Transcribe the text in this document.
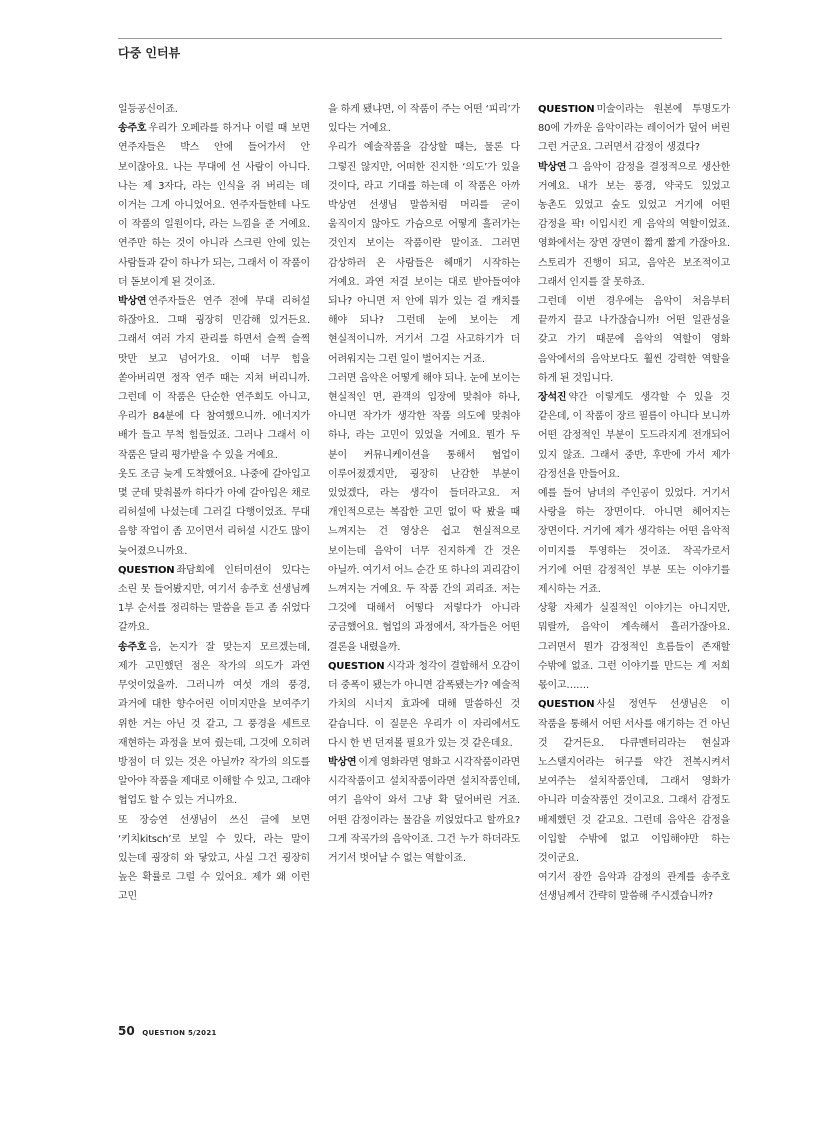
다중 인터뷰

일등공신이죠.

송주호 우리가 오페라를 하거나 이럴 때 보면 연주자들은 박스 안에 들어가서 안 보이잖아요. 나는 무대에 선 사람이 아니다. 나는 제 3자다, 라는 인식을 쥐 버리는 데 이거는 그게 아니었어요. 연주자들한테 나도 이 작품의 일원이다, 라는 느낌을 준 거예요. 연주만 하는 것이 아니라 스크린 안에 있는 사람들과 같이 하나가 되는, 그래서 이 작품이 더 돋보이게 된 것이죠.

박상연 연주자들은 연주 전에 무대 리허설 하잖아요. 그때 굉장히 민감해 있거든요. 그래서 여러 가지 관리를 하면서 슬쩍 슬쩍 맛만 보고 넘어가요. 이때 너무 힘을 쏟아버리면 정작 연주 때는 지쳐 버리니까. 그런데 이 작품은 단순한 연주회도 아니고, 우리가 84분에 다 참여했으니까. 에너지가 배가 들고 무척 힘들었죠. 그러나 그래서 이 작품은 달리 평가받을 수 있을 거예요.

옷도 조금 늦게 도착했어요. 나중에 갈아입고 몇 군데 맞춰볼까 하다가 아예 갈아입은 채로 리허설에 나섰는데 그러길 다행이었죠. 무대 음향 작업이 좀 꼬이면서 리허설 시간도 많이 늦어졌으니까요.

QUESTION 좌담회에 인터미션이 있다는 소린 못 들어봤지만, 여기서 송주호 선생님께 1부 순서를 정리하는 말씀을 듣고 좀 쉬었다 갈까요.

송주호 음, 논지가 잘 맞는지 모르겠는데, 제가 고민했던 점은 작가의 의도가 과연 무엇이었을까. 그러니까 여섯 개의 풍경, 과거에 대한 향수어린 이미지만을 보여주기 위한 거는 아닌 것 같고, 그 풍경을 세트로 재현하는 과정을 보여 줬는데, 그것에 오히려 방점이 더 있는 것은 아닐까? 작가의 의도를 알아야 작품을 제대로 이해할 수 있고, 그래야 협업도 할 수 있는 거니까요.

또 장승연 선생님이 쓰신 글에 보면 ‘키치kitsch’로 보일 수 있다, 라는 말이 있는데 굉장히 와 닿았고, 사실 그건 굉장히 높은 확률로 그럴 수 있어요. 제가 왜 이런 고민

을 하게 됐냐면, 이 작품이 주는 어떤 ‘피리’가 있다는 거예요.

우리가 예술작품을 감상할 때는, 물론 다 그렇진 않지만, 어떠한 진지한 ‘의도’가 있을 것이다, 라고 기대를 하는데 이 작품은 아까 박상연 선생님 말씀처럼 머리를 굳이 움직이지 않아도 가슴으로 어떻게 흘러가는 것인지 보이는 작품이란 말이죠. 그러면 감상하러 온 사람들은 헤매기 시작하는 거예요. 과연 저걸 보이는 대로 받아들여야 되나? 아니면 저 안에 뭐가 있는 걸 캐치를 해야 되나? 그런데 눈에 보이는 게 현실적이니까. 거기서 그걸 사고하기가 더 어려워지는 그런 일이 벌어지는 거죠.

그러면 음악은 어떻게 해야 되나. 눈에 보이는 현실적인 면, 관객의 입장에 맞춰야 하나, 아니면 작가가 생각한 작품 의도에 맞춰야 하나, 라는 고민이 있었을 거예요. 뭔가 두 분이 커뮤니케이션을 통해서 협업이 이루어졌겠지만, 굉장히 난감한 부분이 있었겠다, 라는 생각이 들더라고요. 저 개인적으로는 복잡한 고민 없이 딱 봤을 때 느껴지는 건 영상은 쉽고 현실적으로 보이는데 음악이 너무 진지하게 간 것은 아닐까. 여기서 어느 순간 또 하나의 괴리감이 느껴지는 거예요. 두 작품 간의 괴리죠. 저는 그것에 대해서 어떻다 저렇다가 아니라 궁금했어요. 협업의 과정에서, 작가들은 어떤 결론을 내렸을까.

QUESTION 시각과 청각이 결합해서 오감이 더 중폭이 됐는가 아니면 감폭됐는가? 예술적 가치의 시너지 효과에 대해 말씀하신 것 같습니다. 이 질문은 우리가 이 자리에서도 다시 한 번 던져볼 필요가 있는 것 같은데요.

박상연 이게 영화라면 영화고 시각작품이라면 시각작품이고 설치작품이라면 설치작품인데, 여기 음악이 와서 그냥 확 덮어버린 거죠. 어떤 감정이라는 물감을 끼얹었다고 할까요? 그게 작곡가의 음악이죠. 그건 누가 하더라도 거기서 벗어날 수 없는 역할이죠.

QUESTION 미술이라는 원본에 투명도가 80에 가까운 음악이라는 레이어가 덮어 버린 그런 거군요. 그러면서 감정이 생겼다?

박상연 그 음악이 감정을 결정적으로 생산한 거예요. 내가 보는 풍경, 약국도 있었고 농촌도 있었고 숲도 있었고 거기에 어떤 감정을 팍! 이입시킨 게 음악의 역할이었죠. 영화에서는 장면 장면이 짧게 짧게 가잖아요. 스토리가 진행이 되고, 음악은 보조적이고 그래서 인지를 잘 못하죠.

그런데 이번 경우에는 음악이 처음부터 끝까지 끌고 나가잖습니까! 어떤 일관성을 갖고 가기 때문에 음악의 역할이 영화 음악에서의 음악보다도 훨씬 강력한 역할을 하게 된 것입니다.

장석진 약간 이렇게도 생각할 수 있을 것 같은데, 이 작품이 장르 필름이 아니다 보니까 어떤 감정적인 부분이 도드라지게 전개되어 있지 않죠. 그래서 중반, 후반에 가서 제가 감정선을 만들어요.

예를 들어 남녀의 주인공이 있었다. 거기서 사랑을 하는 장면이다. 아니면 헤어지는 장면이다. 거기에 제가 생각하는 어떤 음악적 이미지를 투영하는 것이죠. 작곡가로서 거기에 어떤 감정적인 부분 또는 이야기를 제시하는 거죠.

상황 자체가 실질적인 이야기는 아니지만, 뭐랄까, 음악이 계속해서 흘러가잖아요. 그러면서 뭔가 감정적인 흐름들이 존재할 수밖에 없죠. 그런 이야기를 만드는 게 저희 몫이고…….

QUESTION 사실 정연두 선생님은 이 작품을 통해서 어떤 서사를 얘기하는 건 아닌 것 같거든요. 다큐멘터리라는 현실과 노스탤지어라는 허구를 약간 전복시켜서 보여주는 설치작품인데, 그래서 영화가 아니라 미술작품인 것이고요. 그래서 감정도 배제했던 것 같고요. 그런데 음악은 감정을 이입할 수밖에 없고 이입해야만 하는 것이군요.

여기서 잠깐 음악과 감정의 관계를 송주호 선생님께서 간략히 말씀해 주시겠습니까?

50 QUESTION 5/2021
